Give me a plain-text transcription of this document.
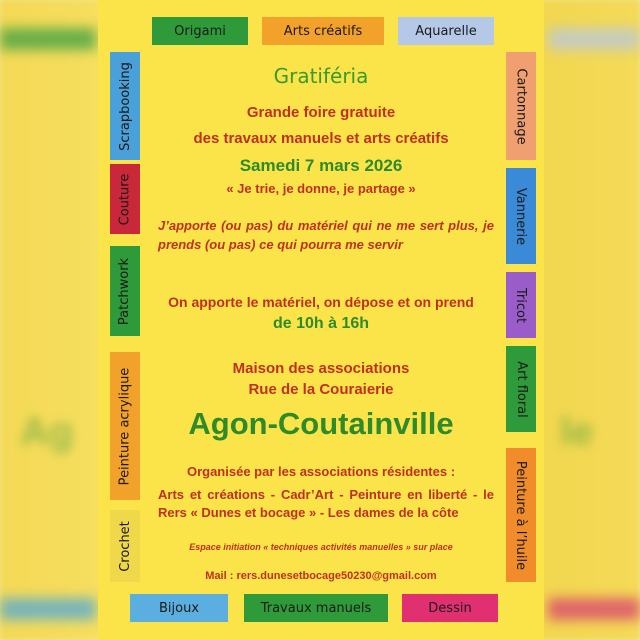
Ag	le
Origami	Arts créatifs	Aquarelle
Scrapbooking
Couture
Patchwork
Peinture acrylique
Crochet
Cartonnage
Vannerie
Tricot
Art floral
Peinture à l’huile
Bijoux	Travaux manuels	Dessin
Gratiféria
Grande foire gratuite
des travaux manuels et arts créatifs
Samedi 7 mars 2026
« Je trie, je donne, je partage »
J’apporte (ou pas) du matériel qui ne me sert plus, je prends (ou pas) ce qui pourra me servir
On apporte le matériel, on dépose et on prend
de 10h à 16h
Maison des associations
Rue de la Couraierie
Agon-Coutainville
Organisée par les associations résidentes :
Arts et créations - Cadr’Art - Peinture en liberté - le Rers « Dunes et bocage » - Les dames de la côte
Espace initiation « techniques activités manuelles » sur place
Mail : rers.dunesetbocage50230@gmail.com
